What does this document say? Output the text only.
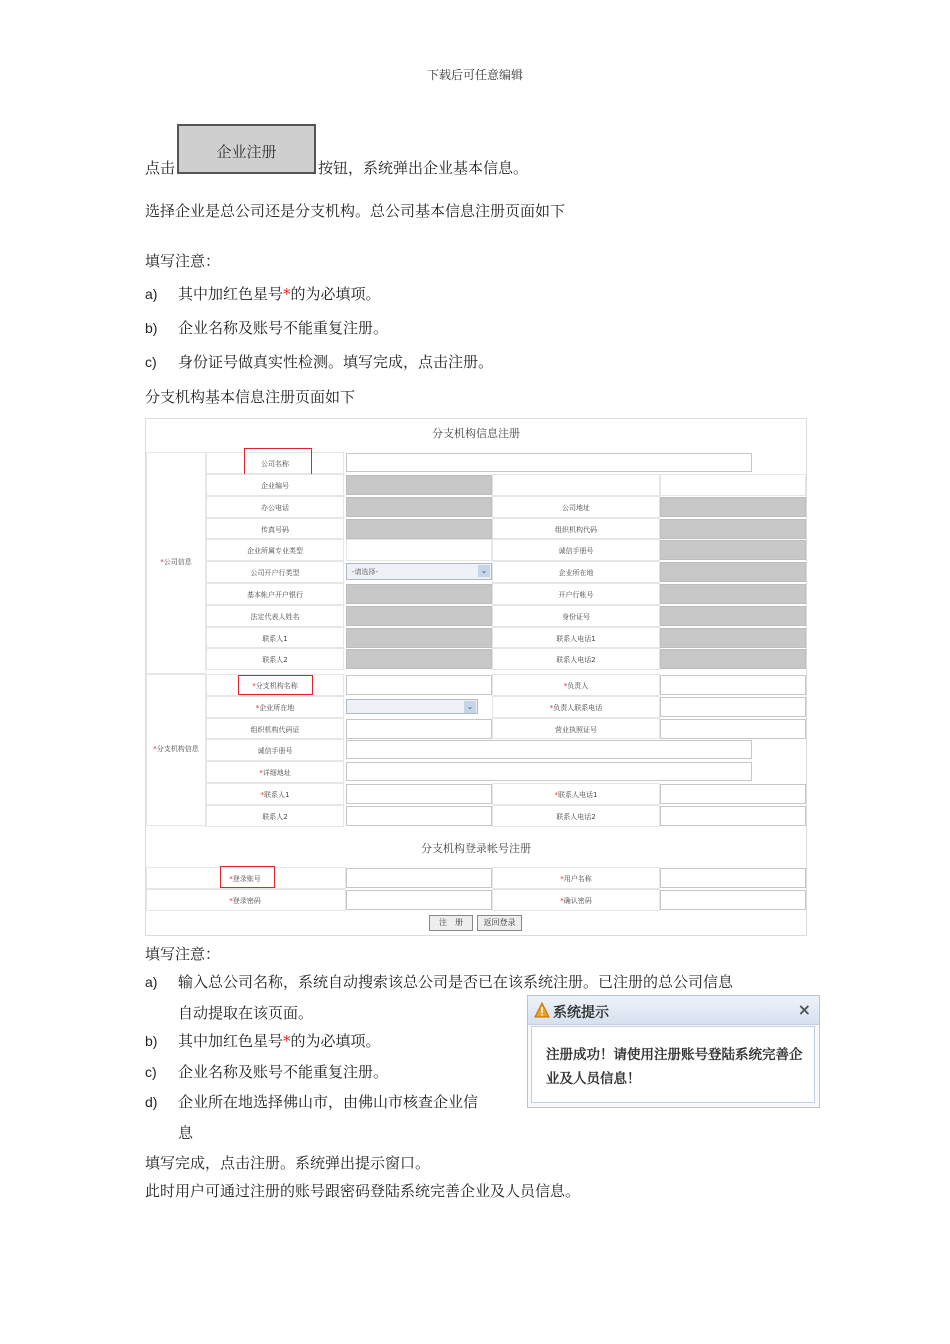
下载后可任意编辑
点击
企业注册
按钮，系统弹出企业基本信息。
选择企业是总公司还是分支机构。总公司基本信息注册页面如下
填写注意：
a) 其中加红色星号*的为必填项。
b) 企业名称及账号不能重复注册。
c) 身份证号做真实性检测。填写完成，点击注册。
分支机构基本信息注册页面如下
分支机构信息注册
*公司信息
*分支机构信息
公司名称
企业编号
办公电话	公司地址
传真号码	组织机构代码
企业所属专业类型	诚信手册号
公司开户行类型	-请选择-	⌄	企业所在地
基本帐户开户银行	开户行帐号
法定代表人姓名	身份证号
联系人1	联系人电话1
联系人2	联系人电话2
*分支机构名称	*负责人
*企业所在地	⌄	*负责人联系电话
组织机构代码证	营业执照证号
诚信手册号
*详细地址
*联系人1	*联系人电话1
联系人2	联系人电话2
*登录账号	*用户名称
*登录密码	*确认密码
分支机构登录帐号注册
注　册	返回登录
填写注意：
a) 输入总公司名称，系统自动搜索该总公司是否已在该系统注册。已注册的总公司信息
自动提取在该页面。
b) 其中加红色星号*的为必填项。
c) 企业名称及账号不能重复注册。
d) 企业所在地选择佛山市，由佛山市核查企业信
息
填写完成，点击注册。系统弹出提示窗口。
此时用户可通过注册的账号跟密码登陆系统完善企业及人员信息。
系统提示	×
注册成功！请使用注册账号登陆系统完善企业及人员信息！
